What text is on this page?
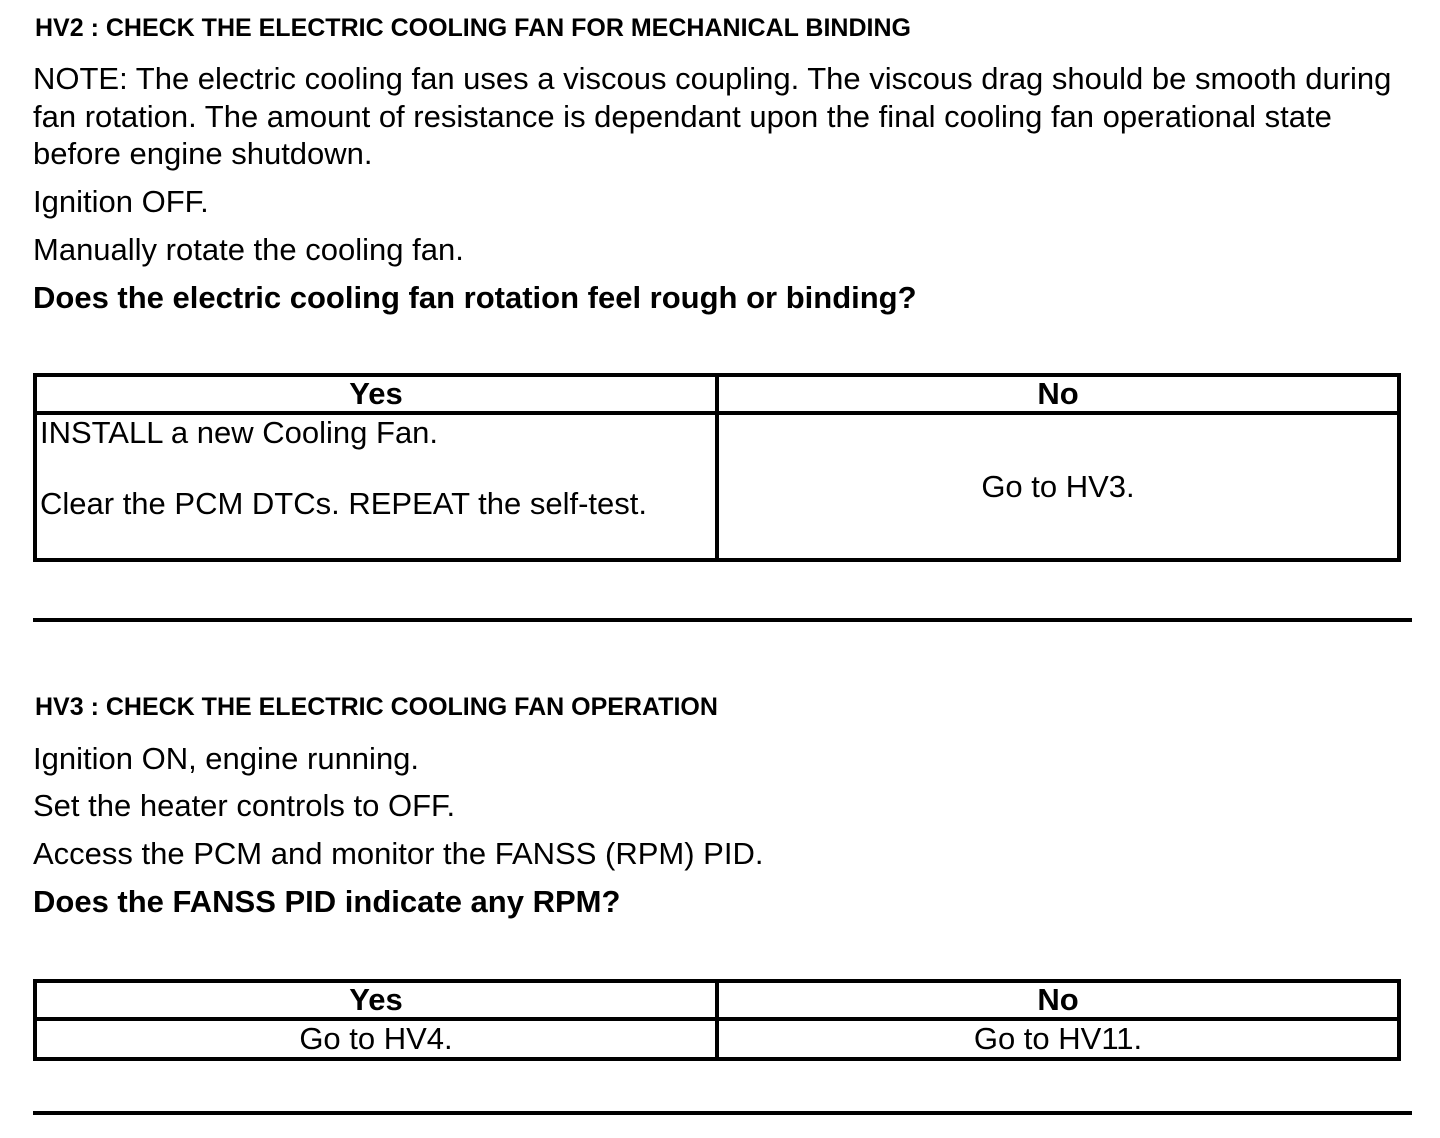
HV2 : CHECK THE ELECTRIC COOLING FAN FOR MECHANICAL BINDING
NOTE: The electric cooling fan uses a viscous coupling. The viscous drag should be smooth during fan rotation. The amount of resistance is dependant upon the final cooling fan operational state before engine shutdown.
Ignition OFF.
Manually rotate the cooling fan.
Does the electric cooling fan rotation feel rough or binding?
Yes	No

INSTALL a new Cooling Fan.
Clear the PCM DTCs. REPEAT the self-test.	Go to HV3.
HV3 : CHECK THE ELECTRIC COOLING FAN OPERATION
Ignition ON, engine running.
Set the heater controls to OFF.
Access the PCM and monitor the FANSS (RPM) PID.
Does the FANSS PID indicate any RPM?
Yes	No
Go to HV4.	Go to HV11.
